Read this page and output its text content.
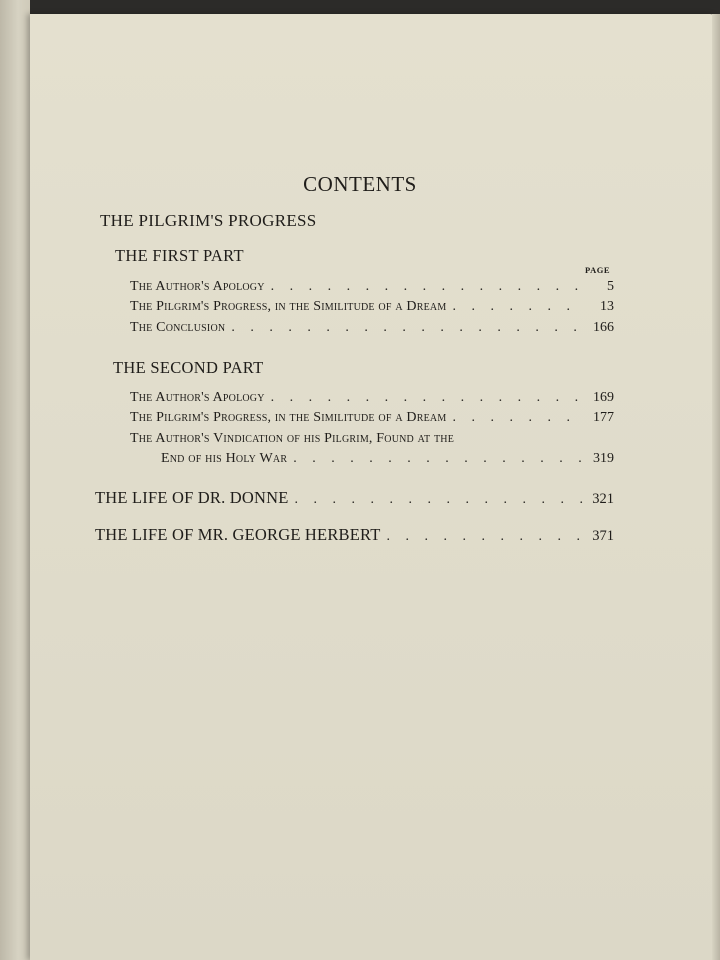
CONTENTS
THE PILGRIM'S PROGRESS
THE FIRST PART
PAGE
The Author's Apology . . .	5
The Pilgrim's Progress, in the Similitude of a Dream . . .	13
The Conclusion . . .	166
THE SECOND PART
The Author's Apology . . .	169
The Pilgrim's Progress, in the Similitude of a Dream . . .	177
The Author's Vindication of his Pilgrim, Found at the
End of his Holy War . . .	319
THE LIFE OF DR. DONNE . . .	321
THE LIFE OF MR. GEORGE HERBERT . . .	371
